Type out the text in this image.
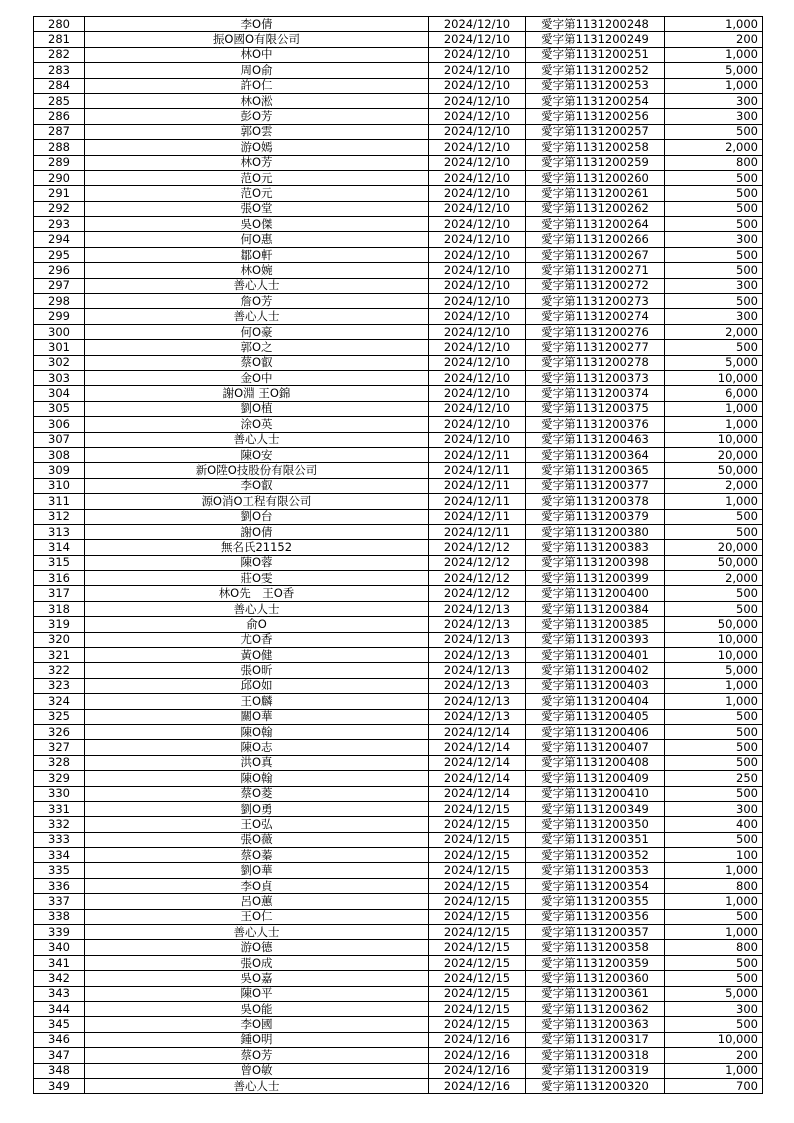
280	李O倩	2024/12/10	愛字第1131200248	1,000
281	振O國O有限公司	2024/12/10	愛字第1131200249	200
282	林O中	2024/12/10	愛字第1131200251	1,000
283	周O俞	2024/12/10	愛字第1131200252	5,000
284	許O仁	2024/12/10	愛字第1131200253	1,000
285	林O淞	2024/12/10	愛字第1131200254	300
286	彭O芳	2024/12/10	愛字第1131200256	300
287	郭O雲	2024/12/10	愛字第1131200257	500
288	游O嫣	2024/12/10	愛字第1131200258	2,000
289	林O芳	2024/12/10	愛字第1131200259	800
290	范O元	2024/12/10	愛字第1131200260	500
291	范O元	2024/12/10	愛字第1131200261	500
292	張O堂	2024/12/10	愛字第1131200262	500
293	吳O傑	2024/12/10	愛字第1131200264	500
294	何O惠	2024/12/10	愛字第1131200266	300
295	鄒O軒	2024/12/10	愛字第1131200267	500
296	林O婉	2024/12/10	愛字第1131200271	500
297	善心人士	2024/12/10	愛字第1131200272	300
298	詹O芳	2024/12/10	愛字第1131200273	500
299	善心人士	2024/12/10	愛字第1131200274	300
300	何O豪	2024/12/10	愛字第1131200276	2,000
301	郭O之	2024/12/10	愛字第1131200277	500
302	蔡O叡	2024/12/10	愛字第1131200278	5,000
303	金O中	2024/12/10	愛字第1131200373	10,000
304	謝O淵 王O錦	2024/12/10	愛字第1131200374	6,000
305	劉O植	2024/12/10	愛字第1131200375	1,000
306	涂O英	2024/12/10	愛字第1131200376	1,000
307	善心人士	2024/12/10	愛字第1131200463	10,000
308	陳O安	2024/12/11	愛字第1131200364	20,000
309	新O陞O技股份有限公司	2024/12/11	愛字第1131200365	50,000
310	李O叡	2024/12/11	愛字第1131200377	2,000
311	源O消O工程有限公司	2024/12/11	愛字第1131200378	1,000
312	劉O台	2024/12/11	愛字第1131200379	500
313	謝O倩	2024/12/11	愛字第1131200380	500
314	無名氏21152	2024/12/12	愛字第1131200383	20,000
315	陳O蓉	2024/12/12	愛字第1131200398	50,000
316	莊O雯	2024/12/12	愛字第1131200399	2,000
317	林O先　王O香	2024/12/12	愛字第1131200400	500
318	善心人士	2024/12/13	愛字第1131200384	500
319	俞O	2024/12/13	愛字第1131200385	50,000
320	尤O香	2024/12/13	愛字第1131200393	10,000
321	黃O健	2024/12/13	愛字第1131200401	10,000
322	張O昕	2024/12/13	愛字第1131200402	5,000
323	邱O如	2024/12/13	愛字第1131200403	1,000
324	王O麟	2024/12/13	愛字第1131200404	1,000
325	關O華	2024/12/13	愛字第1131200405	500
326	陳O翰	2024/12/14	愛字第1131200406	500
327	陳O志	2024/12/14	愛字第1131200407	500
328	洪O真	2024/12/14	愛字第1131200408	500
329	陳O翰	2024/12/14	愛字第1131200409	250
330	蔡O菱	2024/12/14	愛字第1131200410	500
331	劉O勇	2024/12/15	愛字第1131200349	300
332	王O弘	2024/12/15	愛字第1131200350	400
333	張O薇	2024/12/15	愛字第1131200351	500
334	蔡O蓁	2024/12/15	愛字第1131200352	100
335	劉O華	2024/12/15	愛字第1131200353	1,000
336	李O貞	2024/12/15	愛字第1131200354	800
337	呂O蕙	2024/12/15	愛字第1131200355	1,000
338	王O仁	2024/12/15	愛字第1131200356	500
339	善心人士	2024/12/15	愛字第1131200357	1,000
340	游O德	2024/12/15	愛字第1131200358	800
341	張O成	2024/12/15	愛字第1131200359	500
342	吳O嘉	2024/12/15	愛字第1131200360	500
343	陳O平	2024/12/15	愛字第1131200361	5,000
344	吳O能	2024/12/15	愛字第1131200362	300
345	李O國	2024/12/15	愛字第1131200363	500
346	鍾O明	2024/12/16	愛字第1131200317	10,000
347	蔡O芳	2024/12/16	愛字第1131200318	200
348	曾O敏	2024/12/16	愛字第1131200319	1,000
349	善心人士	2024/12/16	愛字第1131200320	700
